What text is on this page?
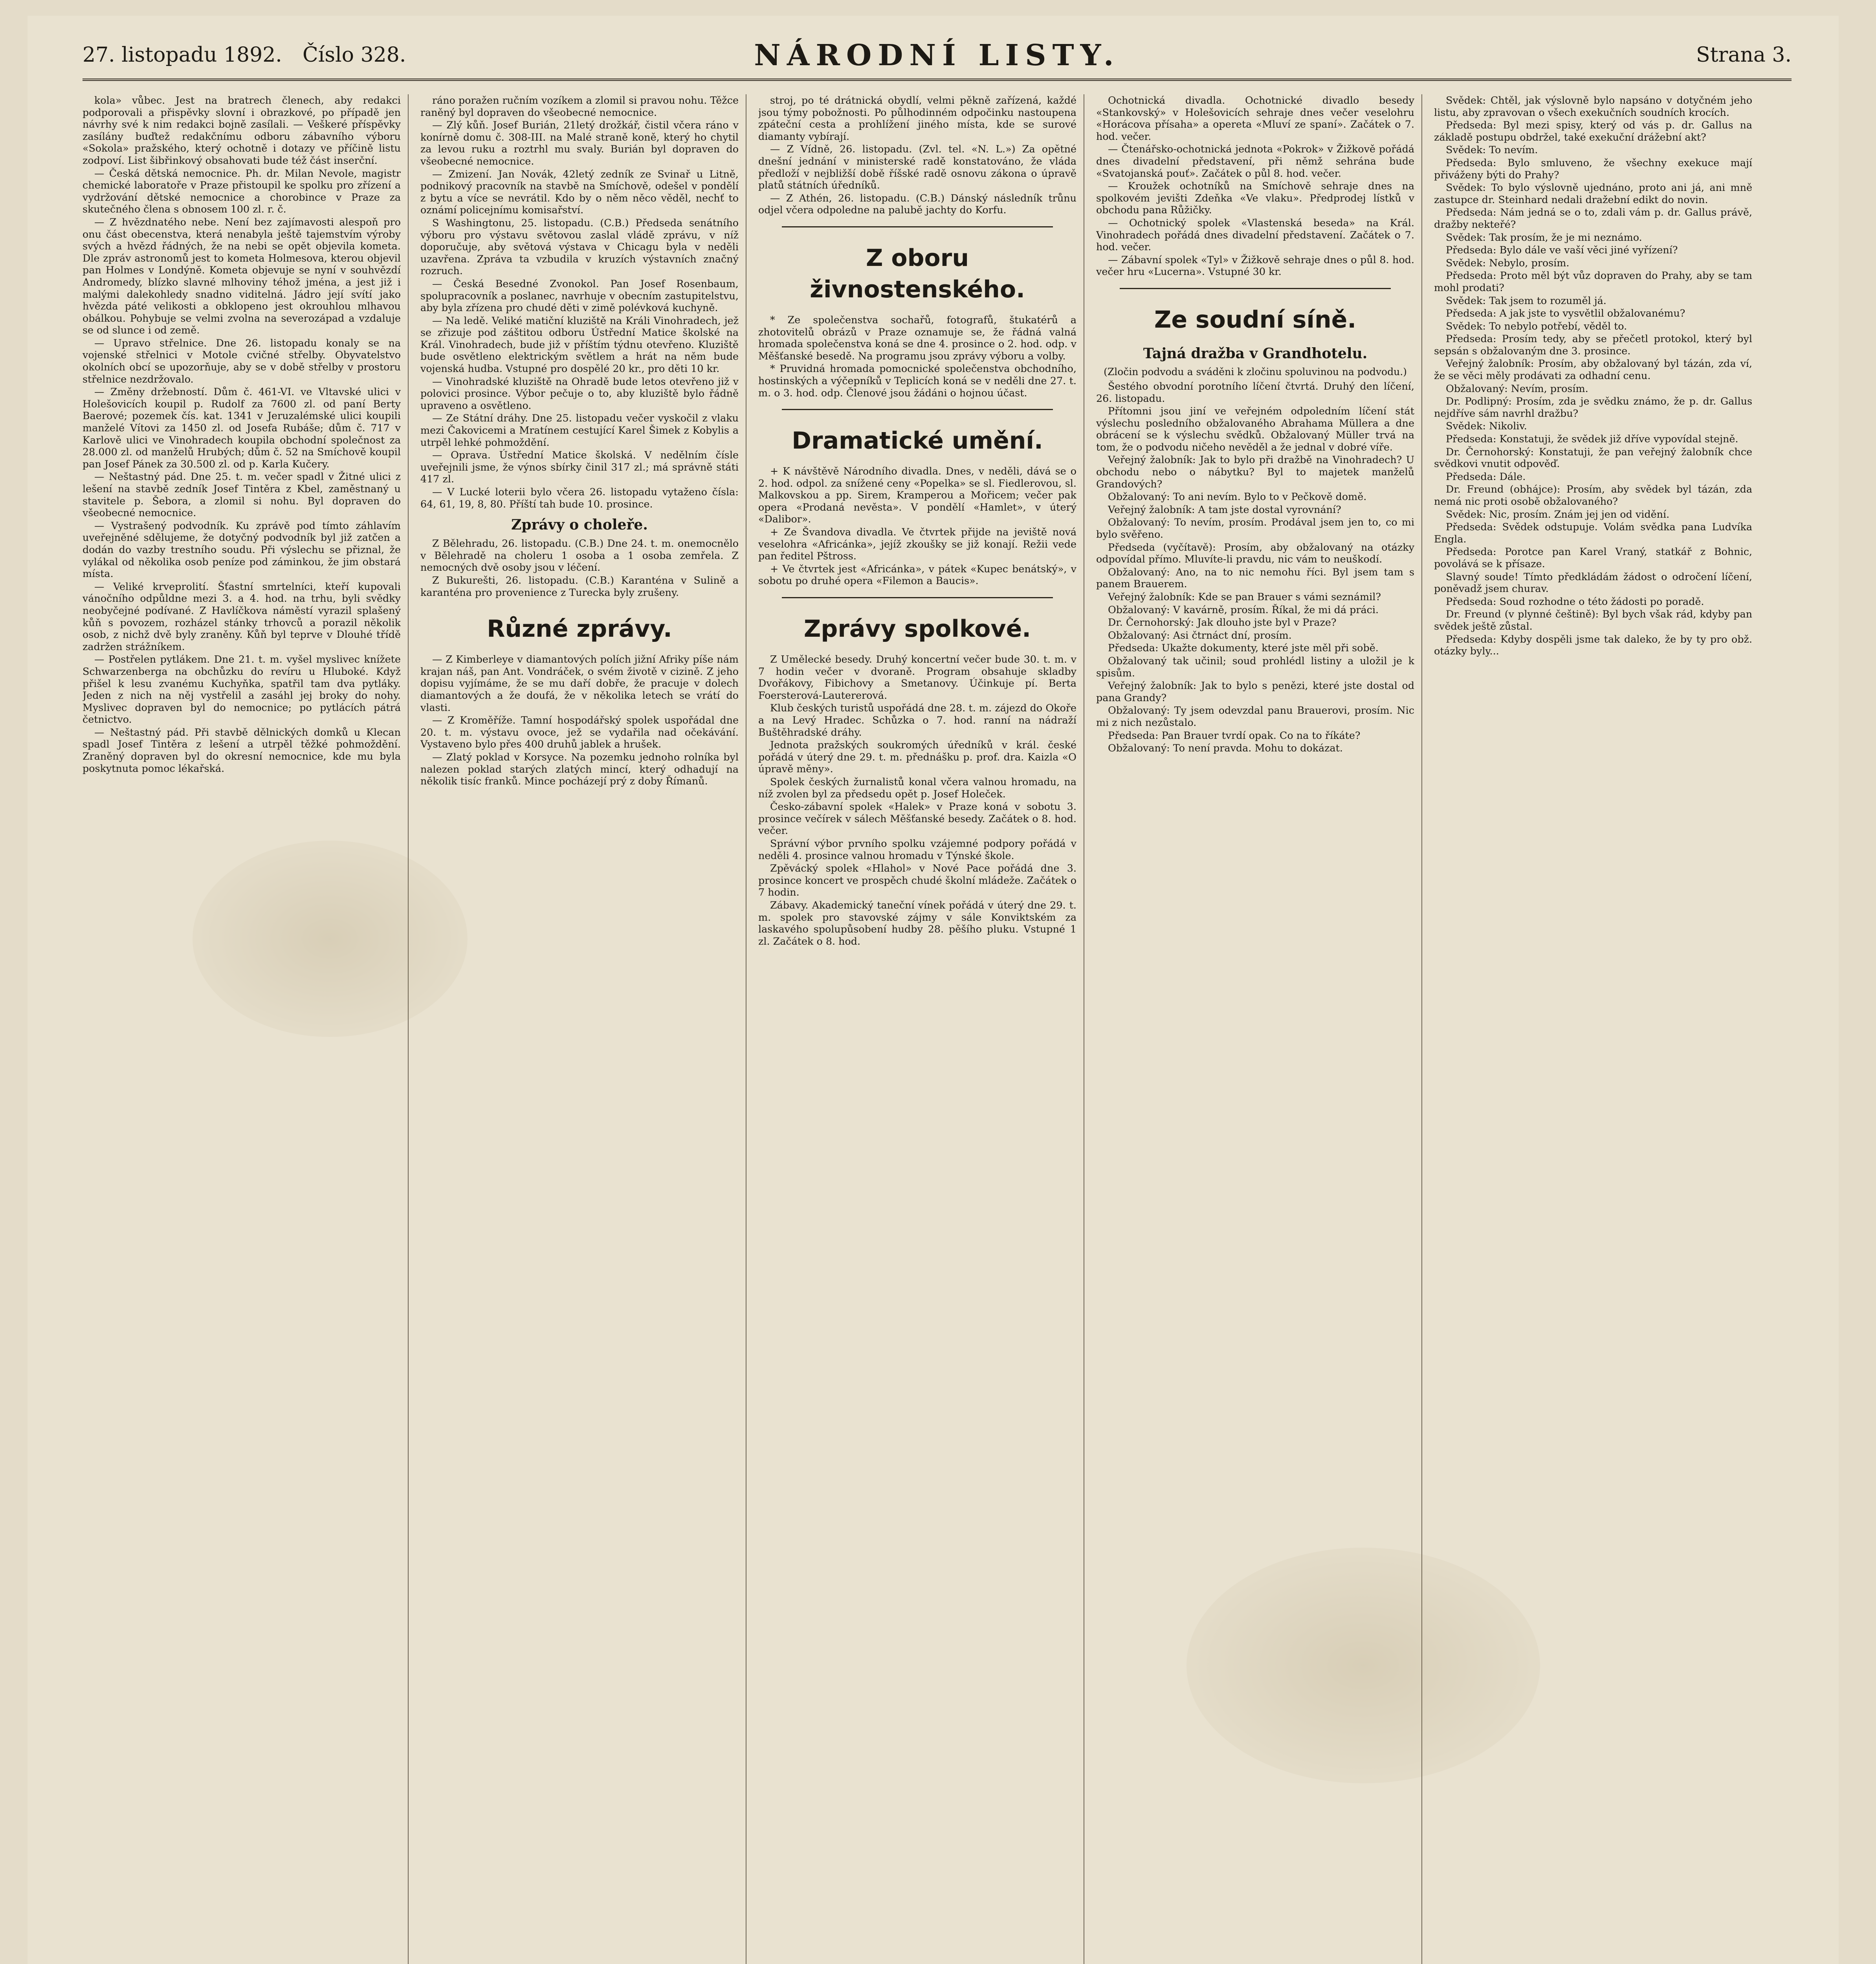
27. listopadu 1892. Číslo 328.	NÁRODNÍ LISTY.	Strana 3.

kola» vůbec. Jest na bratrech členech, aby redakci podporovali a přispěvky slovní i obrazkové, po případě jen návrhy své k nim redakci bojně zasílali. — Veškeré příspěvky zasílány buďtež redakčnímu odboru zábavního výboru «Sokola» pražského, který ochotně i dotazy ve příčině listu zodpoví. List šibřinkový obsahovati bude též část inserční.

— Česká dětská nemocnice. Ph. dr. Milan Nevole, magistr chemické laboratoře v Praze přistoupil ke spolku pro zřízení a vydržování dětské nemocnice a chorobince v Praze za skutečného člena s obnosem 100 zl. r. č.

— Z hvězdnatého nebe. Není bez zajímavosti alespoň pro onu část obecenstva, která nenabyla ještě tajemstvím výroby svých a hvězd řádných, že na nebi se opět objevila kometa. Dle zpráv astronomů jest to kometa Holmesova, kterou objevil pan Holmes v Londýně. Kometa objevuje se nyní v souhvězdí Andromedy, blízko slavné mlhoviny téhož jména, a jest již i malými dalekohledy snadno viditelná. Jádro její svítí jako hvězda páté velikosti a obklopeno jest okrouhlou mlhavou obálkou. Pohybuje se velmi zvolna na severozápad a vzdaluje se od slunce i od země.

— Upravo střelnice. Dne 26. listopadu konaly se na vojenské střelnici v Motole cvičné střelby. Obyvatelstvo okolních obcí se upozorňuje, aby se v době střelby v prostoru střelnice nezdržovalo.

— Změny držebností. Dům č. 461-VI. ve Vltavské ulici v Holešovicích koupil p. Rudolf za 7600 zl. od paní Berty Baerové; pozemek čís. kat. 1341 v Jeruzalémské ulici koupili manželé Vítovi za 1450 zl. od Josefa Rubáše; dům č. 717 v Karlově ulici ve Vinohradech koupila obchodní společnost za 28.000 zl. od manželů Hrubých; dům č. 52 na Smíchově koupil pan Josef Pánek za 30.500 zl. od p. Karla Kučery.

— Neštastný pád. Dne 25. t. m. večer spadl v Žitné ulici z lešení na stavbě zedník Josef Tintěra z Kbel, zaměstnaný u stavitele p. Šebora, a zlomil si nohu. Byl dopraven do všeobecné nemocnice.

— Vystrašený podvodník. Ku zprávě pod tímto záhlavím uveřejněné sdělujeme, že dotyčný podvodník byl již zatčen a dodán do vazby trestního soudu. Při výslechu se přiznal, že vylákal od několika osob peníze pod záminkou, že jim obstará místa.

— Veliké krveprolití. Šťastní smrtelníci, kteří kupovali vánočního odpůldne mezi 3. a 4. hod. na trhu, byli svědky neobyčejné podívané. Z Havlíčkova náměstí vyrazil splašený kůň s povozem, rozházel stánky trhovců a porazil několik osob, z nichž dvě byly zraněny. Kůň byl teprve v Dlouhé třídě zadržen strážníkem.

— Postřelen pytlákem. Dne 21. t. m. vyšel myslivec knížete Schwarzenberga na obchůzku do revíru u Hluboké. Když přišel k lesu zvanému Kuchyňka, spatřil tam dva pytláky. Jeden z nich na něj vystřelil a zasáhl jej broky do nohy. Myslivec dopraven byl do nemocnice; po pytlácích pátrá četnictvo.

— Neštastný pád. Při stavbě dělnických domků u Klecan spadl Josef Tintěra z lešení a utrpěl těžké pohmoždění. Zraněný dopraven byl do okresní nemocnice, kde mu byla poskytnuta pomoc lékařská.

ráno poražen ručním vozíkem a zlomil si pravou nohu. Těžce raněný byl dopraven do všeobecné nemocnice.

— Zlý kůň. Josef Burián, 21letý drožkář, čistil včera ráno v konírně domu č. 308-III. na Malé straně koně, který ho chytil za levou ruku a roztrhl mu svaly. Burián byl dopraven do všeobecné nemocnice.

— Zmizení. Jan Novák, 42letý zedník ze Svinař u Litně, podnikový pracovník na stavbě na Smíchově, odešel v pondělí z bytu a více se nevrátil. Kdo by o něm něco věděl, nechť to oznámí policejnímu komisařství.

S Washingtonu, 25. listopadu. (C.B.) Předseda senátního výboru pro výstavu světovou zaslal vládě zprávu, v níž doporučuje, aby světová výstava v Chicagu byla v neděli uzavřena. Zpráva ta vzbudila v kruzích výstavních značný rozruch.

— Česká Besedné Zvonokol. Pan Josef Rosenbaum, spolupracovník a poslanec, navrhuje v obecním zastupitelstvu, aby byla zřízena pro chudé děti v zimě polévková kuchyně.

— Na ledě. Veliké matiční kluziště na Králi Vinohradech, jež se zřizuje pod záštitou odboru Ústřední Matice školské na Král. Vinohradech, bude již v příštím týdnu otevřeno. Kluziště bude osvětleno elektrickým světlem a hrát na něm bude vojenská hudba. Vstupné pro dospělé 20 kr., pro děti 10 kr.

— Vinohradské kluziště na Ohradě bude letos otevřeno již v polovici prosince. Výbor pečuje o to, aby kluziště bylo řádně upraveno a osvětleno.

— Ze Státní dráhy. Dne 25. listopadu večer vyskočil z vlaku mezi Čakovicemi a Mratínem cestující Karel Šimek z Kobylis a utrpěl lehké pohmoždění.

— Oprava. Ústřední Matice školská. V nedělním čísle uveřejnili jsme, že výnos sbírky činil 317 zl.; má správně státi 417 zl.

— V Lucké loterii bylo včera 26. listopadu vytaženo čísla: 64, 61, 19, 8, 80. Příští tah bude 10. prosince.

Zprávy o choleře.

Z Bělehradu, 26. listopadu. (C.B.) Dne 24. t. m. onemocnělo v Bělehradě na choleru 1 osoba a 1 osoba zemřela. Z nemocných dvě osoby jsou v léčení.

Z Bukurešti, 26. listopadu. (C.B.) Karanténa v Sulině a karanténa pro provenience z Turecka byly zrušeny.

Různé zprávy.

— Z Kimberleye v diamantových polích jižní Afriky píše nám krajan náš, pan Ant. Vondráček, o svém životě v cizině. Z jeho dopisu vyjímáme, že se mu daří dobře, že pracuje v dolech diamantových a že doufá, že v několika letech se vrátí do vlasti.

— Z Kroměříže. Tamní hospodářský spolek uspořádal dne 20. t. m. výstavu ovoce, jež se vydařila nad očekávání. Vystaveno bylo přes 400 druhů jablek a hrušek.

— Zlatý poklad v Korsyce. Na pozemku jednoho rolníka byl nalezen poklad starých zlatých mincí, který odhadují na několik tisíc franků. Mince pocházejí prý z doby Římanů.

stroj, po té drátnická obydlí, velmi pěkně zařízená, každé jsou týmy pobožnosti. Po půlhodinném odpočinku nastoupena zpáteční cesta a prohlížení jiného místa, kde se surové diamanty vybírají.

— Z Vídně, 26. listopadu. (Zvl. tel. «N. L.») Za opětné dnešní jednání v ministerské radě konstatováno, že vláda předloží v nejbližší době říšské radě osnovu zákona o úpravě platů státních úředníků.

— Z Athén, 26. listopadu. (C.B.) Dánský následník trůnu odjel včera odpoledne na palubě jachty do Korfu.

Z oboru živnostenského.

* Ze společenstva sochařů, fotografů, štukatérů a zhotovitelů obrázů v Praze oznamuje se, že řádná valná hromada společenstva koná se dne 4. prosince o 2. hod. odp. v Měšťanské besedě. Na programu jsou zprávy výboru a volby.

* Pruvidná hromada pomocnické společenstva obchodního, hostinských a výčepníků v Teplicích koná se v neděli dne 27. t. m. o 3. hod. odp. Členové jsou žádáni o hojnou účast.

Dramatické umění.

+ K návštěvě Národního divadla. Dnes, v neděli, dává se o 2. hod. odpol. za snížené ceny «Popelka» se sl. Fiedlerovou, sl. Malkovskou a pp. Sirem, Kramperou a Mořicem; večer pak opera «Prodaná nevěsta». V pondělí «Hamlet», v úterý «Dalibor».

+ Ze Švandova divadla. Ve čtvrtek přijde na jeviště nová veselohra «Africánka», jejíž zkoušky se již konají. Režii vede pan ředitel Pštross.

+ Ve čtvrtek jest «Africánka», v pátek «Kupec benátský», v sobotu po druhé opera «Filemon a Baucis».

Zprávy spolkové.

Z Umělecké besedy. Druhý koncertní večer bude 30. t. m. v 7 hodin večer v dvoraně. Program obsahuje skladby Dvořákovy, Fibichovy a Smetanovy. Účinkuje pí. Berta Foersterová-Lautererová.

Klub českých turistů uspořádá dne 28. t. m. zájezd do Okoře a na Levý Hradec. Schůzka o 7. hod. ranní na nádraží Buštěhradské dráhy.

Jednota pražských soukromých úředníků v král. české pořádá v úterý dne 29. t. m. přednášku p. prof. dra. Kaizla «O úpravě měny».

Spolek českých žurnalistů konal včera valnou hromadu, na níž zvolen byl za předsedu opět p. Josef Holeček.

Česko-zábavní spolek «Halek» v Praze koná v sobotu 3. prosince večírek v sálech Měšťanské besedy. Začátek o 8. hod. večer.

Správní výbor prvního spolku vzájemné podpory pořádá v neděli 4. prosince valnou hromadu v Týnské škole.

Zpěvácký spolek «Hlahol» v Nové Pace pořádá dne 3. prosince koncert ve prospěch chudé školní mládeže. Začátek o 7 hodin.

Zábavy. Akademický taneční vínek pořádá v úterý dne 29. t. m. spolek pro stavovské zájmy v sále Konviktském za laskavého spolupůsobení hudby 28. pěšího pluku. Vstupné 1 zl. Začátek o 8. hod.

Ochotnická divadla. Ochotnické divadlo besedy «Stankovský» v Holešovicích sehraje dnes večer veselohru «Horácova přísaha» a opereta «Mluví ze spaní». Začátek o 7. hod. večer.

— Čtenářsko-ochotnická jednota «Pokrok» v Žižkově pořádá dnes divadelní představení, při němž sehrána bude «Svatojanská pouť». Začátek o půl 8. hod. večer.

— Kroužek ochotníků na Smíchově sehraje dnes na spolkovém jevišti Zdeňka «Ve vlaku». Předprodej lístků v obchodu pana Růžičky.

— Ochotnický spolek «Vlastenská beseda» na Král. Vinohradech pořádá dnes divadelní představení. Začátek o 7. hod. večer.

— Zábavní spolek «Tyl» v Žižkově sehraje dnes o půl 8. hod. večer hru «Lucerna». Vstupné 30 kr.

Ze soudní síně.
Tajná dražba v Grandhotelu.
(Zločin podvodu a sváděni k zločinu spoluvinou na podvodu.)

Šestého obvodní porotního líčení čtvrtá. Druhý den líčení, 26. listopadu.

Přítomni jsou jiní ve veřejném odpoledním líčení stát výslechu posledního obžalovaného Abrahama Müllera a dne obrácení se k výslechu svědků. Obžalovaný Müller trvá na tom, že o podvodu ničeho nevěděl a že jednal v dobré víře.

Veřejný žalobník: Jak to bylo při dražbě na Vinohradech? U obchodu nebo o nábytku? Byl to majetek manželů Grandových?

Obžalovaný: To ani nevím. Bylo to v Pečkově domě.

Veřejný žalobník: A tam jste dostal vyrovnání?

Obžalovaný: To nevím, prosím. Prodával jsem jen to, co mi bylo svěřeno.

Předseda (vyčítavě): Prosím, aby obžalovaný na otázky odpovídal přímo. Mluvíte-li pravdu, nic vám to neuškodí.

Obžalovaný: Ano, na to nic nemohu říci. Byl jsem tam s panem Brauerem.

Veřejný žalobník: Kde se pan Brauer s vámi seznámil?

Obžalovaný: V kavárně, prosím. Říkal, že mi dá práci.

Dr. Černohorský: Jak dlouho jste byl v Praze?

Obžalovaný: Asi čtrnáct dní, prosím.

Předseda: Ukažte dokumenty, které jste měl při sobě.

Obžalovaný tak učinil; soud prohlédl listiny a uložil je k spisům.

Veřejný žalobník: Jak to bylo s penězi, které jste dostal od pana Grandy?

Obžalovaný: Ty jsem odevzdal panu Brauerovi, prosím. Nic mi z nich nezůstalo.

Předseda: Pan Brauer tvrdí opak. Co na to říkáte?

Obžalovaný: To není pravda. Mohu to dokázat.

Svědek: Chtěl, jak výslovně bylo napsáno v dotyčném jeho listu, aby zpravovan o všech exekučních soudních krocích.

Předseda: Byl mezi spisy, který od vás p. dr. Gallus na základě postupu obdržel, také exekuční drážební akt?

Svědek: To nevím.

Předseda: Bylo smluveno, že všechny exekuce mají přiváženy býti do Prahy?

Svědek: To bylo výslovně ujednáno, proto ani já, ani mně zastupce dr. Steinhard nedali dražební edikt do novin.

Předseda: Nám jedná se o to, zdali vám p. dr. Gallus právě, dražby nekteřé?

Svědek: Tak prosím, že je mi neznámo.

Předseda: Bylo dále ve vaší věci jiné vyřízení?

Svědek: Nebylo, prosím.

Předseda: Proto měl být vůz dopraven do Prahy, aby se tam mohl prodati?

Svědek: Tak jsem to rozuměl já.

Předseda: A jak jste to vysvětlil obžalovanému?

Svědek: To nebylo potřebí, věděl to.

Předseda: Prosím tedy, aby se přečetl protokol, který byl sepsán s obžalovaným dne 3. prosince.

Veřejný žalobník: Prosím, aby obžalovaný byl tázán, zda ví, že se věci měly prodávati za odhadní cenu.

Obžalovaný: Nevím, prosím.

Dr. Podlipný: Prosím, zda je svědku známo, že p. dr. Gallus nejdříve sám navrhl dražbu?

Svědek: Nikoliv.

Předseda: Konstatuji, že svědek již dříve vypovídal stejně.

Dr. Černohorský: Konstatuji, že pan veřejný žalobník chce svědkovi vnutit odpověď.

Předseda: Dále.

Dr. Freund (obhájce): Prosím, aby svědek byl tázán, zda nemá nic proti osobě obžalovaného?

Svědek: Nic, prosím. Znám jej jen od vidění.

Předseda: Svědek odstupuje. Volám svědka pana Ludvíka Engla.

Předseda: Porotce pan Karel Vraný, statkář z Bohnic, povolává se k přísaze.

Slavný soude! Tímto předkládám žádost o odročení líčení, poněvadž jsem churav.

Předseda: Soud rozhodne o této žádosti po poradě.

Dr. Freund (v plynné češtině): Byl bych však rád, kdyby pan svědek ještě zůstal.

Předseda: Kdyby dospěli jsme tak daleko, že by ty pro obž. otázky byly...
